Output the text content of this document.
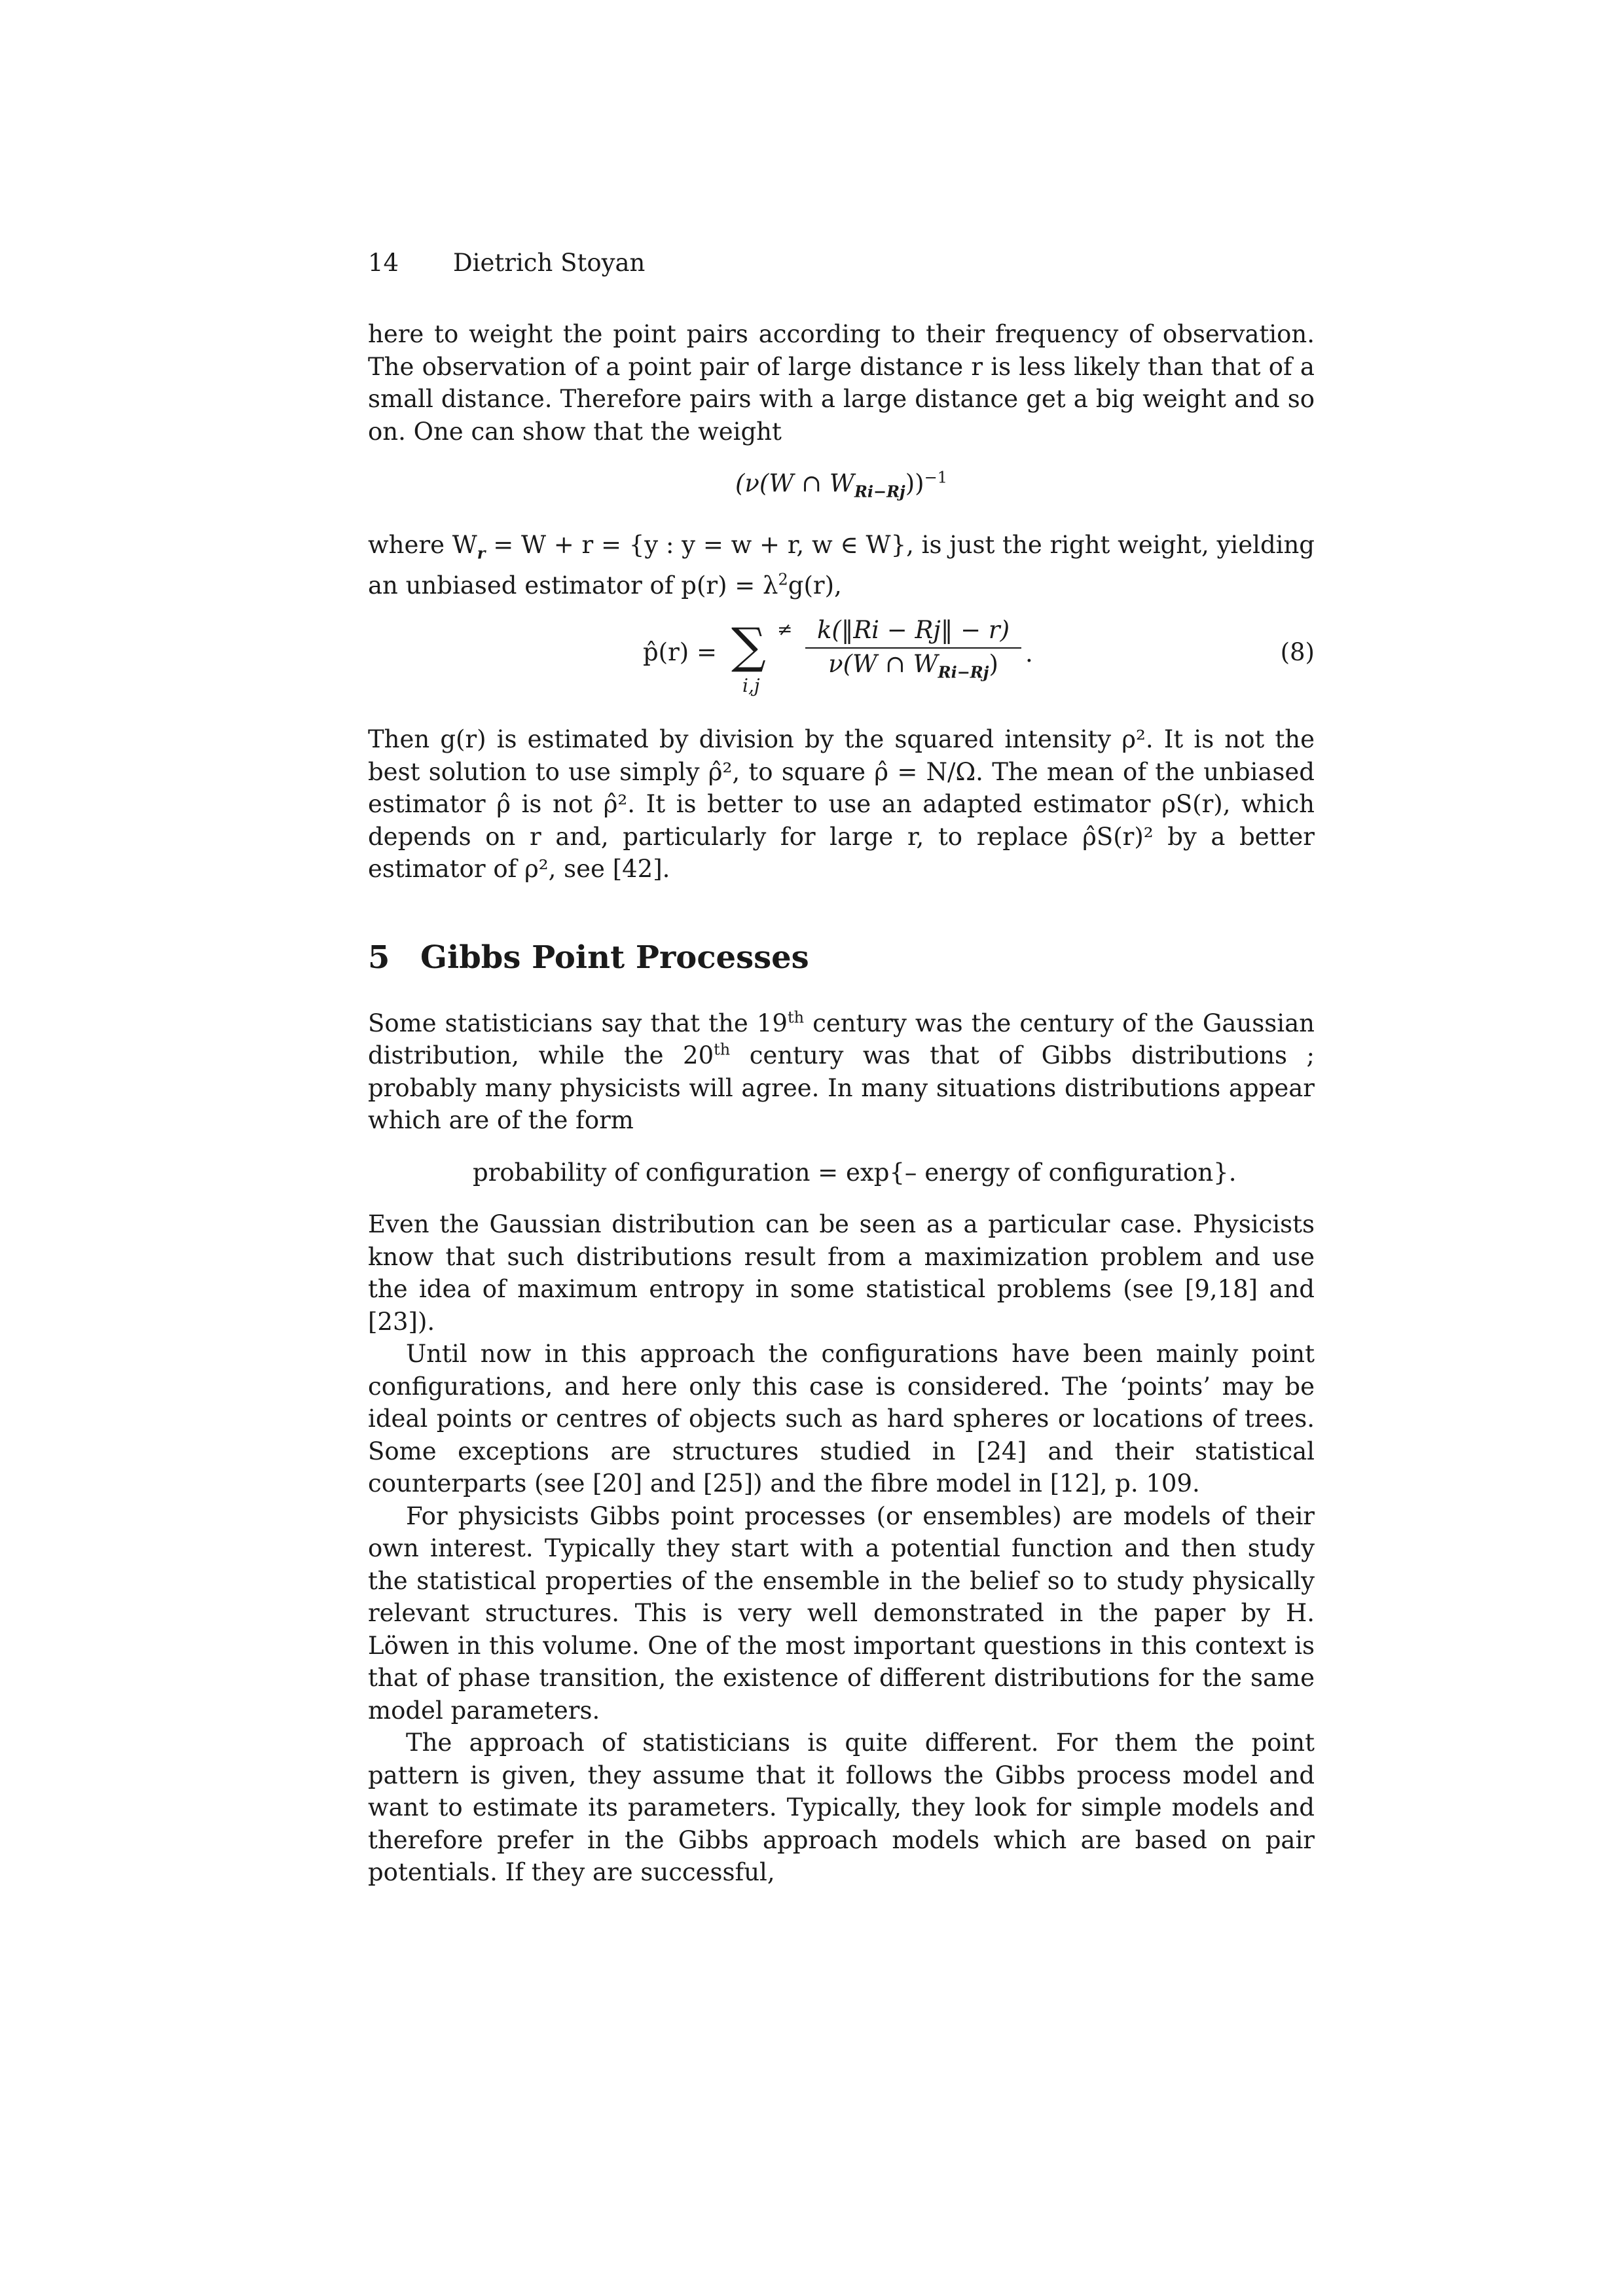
14	Dietrich Stoyan

here to weight the point pairs according to their frequency of observation. The observation of a point pair of large distance r is less likely than that of a small distance. Therefore pairs with a large distance get a big weight and so on. One can show that the weight

(ν(W ∩ $W_{Ri-Rj}))^{-1}$

where $W_r = W + r = \{y$ : y = w + r, w ∈ W}, is just the right weight, yielding an unbiased estimator of $p(r) = \lambda^2g(r)$,

p̂(r) = ∑ ≠
i,j
k(‖Ri − Rj‖ − r)
ν(W ∩ $W_{Ri-Rj}$)	.	(8)

Then g(r) is estimated by division by the squared intensity ρ². It is not the best solution to use simply ρ̂², to square ρ̂ = N/Ω. The mean of the unbiased estimator ρ̂ is not ρ̂². It is better to use an adapted estimator ρS(r), which depends on r and, particularly for large r, to replace ρ̂S(r)² by a better estimator of ρ², see [42].

5 Gibbs Point Processes

Some statisticians say that the 19th century was the century of the Gaussian distribution, while the 20th century was that of Gibbs distributions ; probably many physicists will agree. In many situations distributions appear which are of the form

probability of configuration = exp{– energy of configuration}.

Even the Gaussian distribution can be seen as a particular case. Physicists know that such distributions result from a maximization problem and use the idea of maximum entropy in some statistical problems (see [9,18] and [23]).

Until now in this approach the configurations have been mainly point configurations, and here only this case is considered. The ‘points’ may be ideal points or centres of objects such as hard spheres or locations of trees. Some exceptions are structures studied in [24] and their statistical counterparts (see [20] and [25]) and the fibre model in [12], p. 109.

For physicists Gibbs point processes (or ensembles) are models of their own interest. Typically they start with a potential function and then study the statistical properties of the ensemble in the belief so to study physically relevant structures. This is very well demonstrated in the paper by H. Löwen in this volume. One of the most important questions in this context is that of phase transition, the existence of different distributions for the same model parameters.

The approach of statisticians is quite different. For them the point pattern is given, they assume that it follows the Gibbs process model and want to estimate its parameters. Typically, they look for simple models and therefore prefer in the Gibbs approach models which are based on pair potentials. If they are successful,
